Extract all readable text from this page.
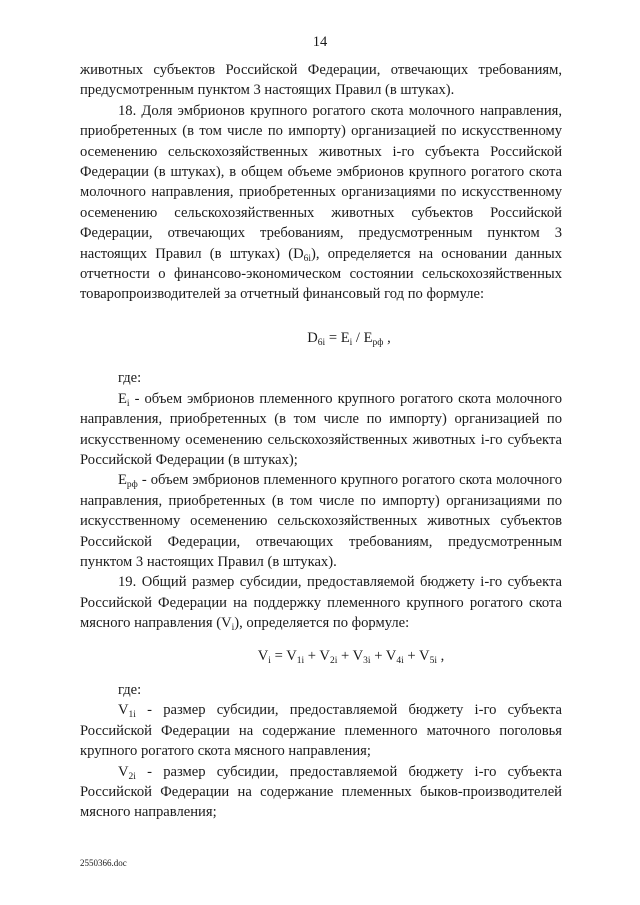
14

животных субъектов Российской Федерации, отвечающих требованиям, предусмотренным пунктом 3 настоящих Правил (в штуках).

18. Доля эмбрионов крупного рогатого скота молочного направления, приобретенных (в том числе по импорту) организацией по искусственному осеменению сельскохозяйственных животных i-го субъекта Российской Федерации (в штуках), в общем объеме эмбрионов крупного рогатого скота молочного направления, приобретенных организациями по искусственному осеменению сельскохозяйственных животных субъектов Российской Федерации, отвечающих требованиям, предусмотренным пунктом 3 настоящих Правил (в штуках) $(D_{6i})$, определяется на основании данных отчетности о финансово-экономическом состоянии сельскохозяйственных товаропроизводителей за отчетный финансовый год по формуле:

$D_{6i} = E_i / E_{рф}$ ,

где:

$E_i$ - объем эмбрионов племенного крупного рогатого скота молочного направления, приобретенных (в том числе по импорту) организацией по искусственному осеменению сельскохозяйственных животных i-го субъекта Российской Федерации (в штуках);

$E_{рф}$ - объем эмбрионов племенного крупного рогатого скота молочного направления, приобретенных (в том числе по импорту) организациями по искусственному осеменению сельскохозяйственных животных субъектов Российской Федерации, отвечающих требованиям, предусмотренным пунктом 3 настоящих Правил (в штуках).

19. Общий размер субсидии, предоставляемой бюджету i-го субъекта Российской Федерации на поддержку племенного крупного рогатого скота мясного направления $(V_i)$, определяется по формуле:

$V_i = V_{1i} + V_{2i} + V_{3i} + V_{4i} + V_{5i}$ ,

где:

$V_{1i}$ - размер субсидии, предоставляемой бюджету i-го субъекта Российской Федерации на содержание племенного маточного поголовья крупного рогатого скота мясного направления;

$V_{2i}$ - размер субсидии, предоставляемой бюджету i-го субъекта Российской Федерации на содержание племенных быков-производителей мясного направления;

2550366.doc
